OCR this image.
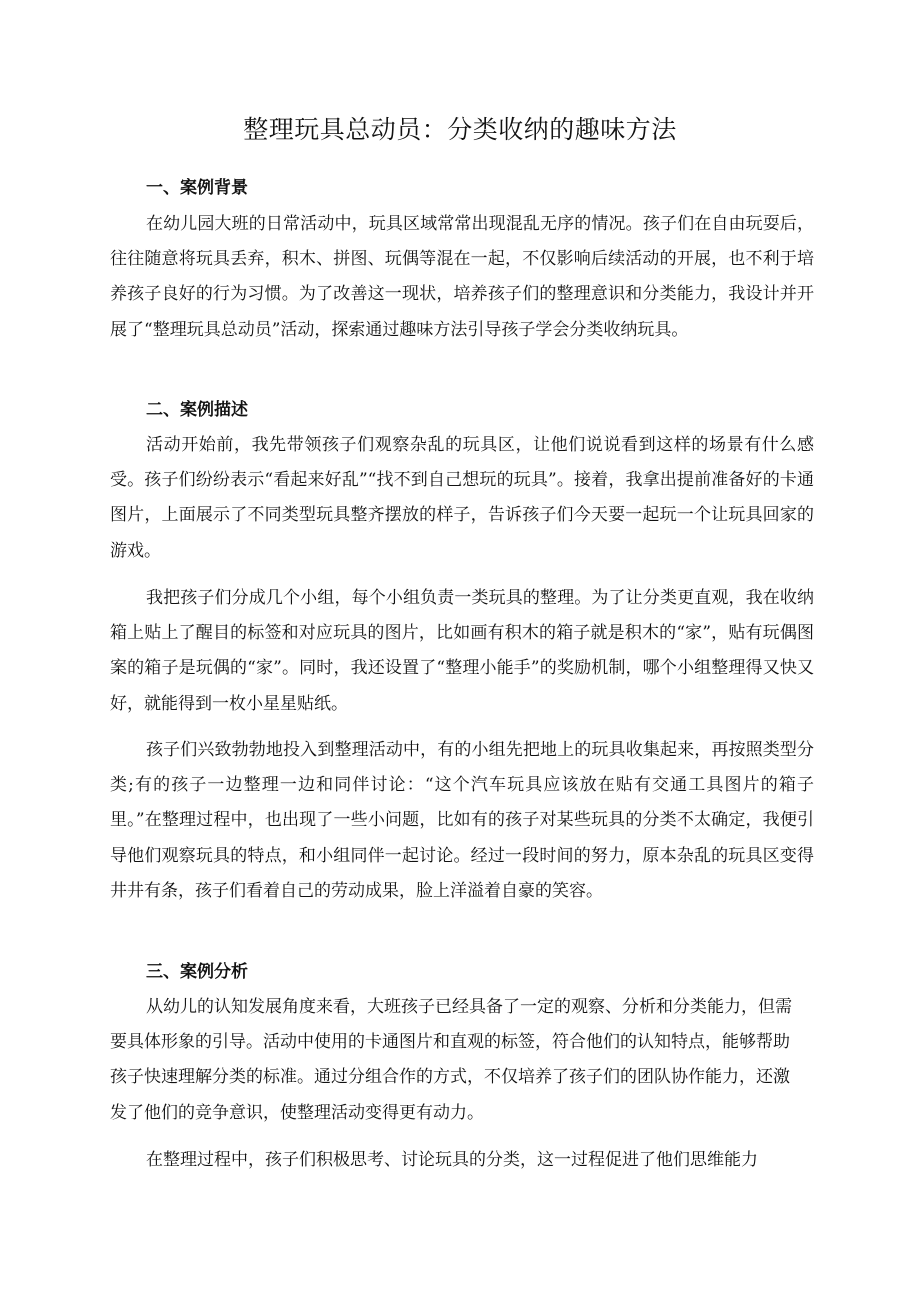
整理玩具总动员：分类收纳的趣味方法
一、案例背景

在幼儿园大班的日常活动中，玩具区域常常出现混乱无序的情况。孩子们在自由玩耍后，往往随意将玩具丢弃，积木、拼图、玩偶等混在一起，不仅影响后续活动的开展，也不利于培养孩子良好的行为习惯。为了改善这一现状，培养孩子们的整理意识和分类能力，我设计并开展了“整理玩具总动员”活动，探索通过趣味方法引导孩子学会分类收纳玩具。

二、案例描述

活动开始前，我先带领孩子们观察杂乱的玩具区，让他们说说看到这样的场景有什么感受。孩子们纷纷表示“看起来好乱”“找不到自己想玩的玩具”。接着，我拿出提前准备好的卡通图片，上面展示了不同类型玩具整齐摆放的样子，告诉孩子们今天要一起玩一个让玩具回家的游戏。

我把孩子们分成几个小组，每个小组负责一类玩具的整理。为了让分类更直观，我在收纳箱上贴上了醒目的标签和对应玩具的图片，比如画有积木的箱子就是积木的“家”，贴有玩偶图案的箱子是玩偶的“家”。同时，我还设置了“整理小能手”的奖励机制，哪个小组整理得又快又好，就能得到一枚小星星贴纸。

孩子们兴致勃勃地投入到整理活动中，有的小组先把地上的玩具收集起来，再按照类型分类;有的孩子一边整理一边和同伴讨论：“这个汽车玩具应该放在贴有交通工具图片的箱子里。”在整理过程中，也出现了一些小问题，比如有的孩子对某些玩具的分类不太确定，我便引导他们观察玩具的特点，和小组同伴一起讨论。经过一段时间的努力，原本杂乱的玩具区变得井井有条，孩子们看着自己的劳动成果，脸上洋溢着自豪的笑容。

三、案例分析

从幼儿的认知发展角度来看，大班孩子已经具备了一定的观察、分析和分类能力，但需要具体形象的引导。活动中使用的卡通图片和直观的标签，符合他们的认知特点，能够帮助孩子快速理解分类的标准。通过分组合作的方式，不仅培养了孩子们的团队协作能力，还激发了他们的竞争意识，使整理活动变得更有动力。

在整理过程中，孩子们积极思考、讨论玩具的分类，这一过程促进了他们思维能力
